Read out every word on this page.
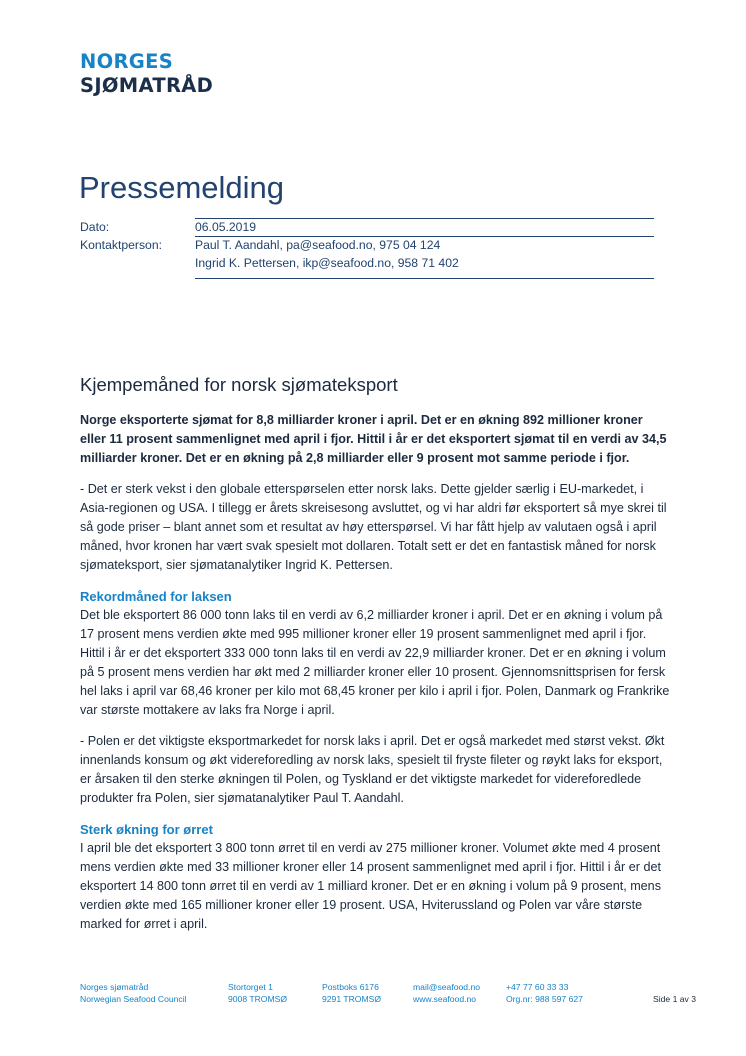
NORGES
SJØMATRÅD
Pressemelding
Dato:	06.05.2019
Kontaktperson:	Paul T. Aandahl, pa@seafood.no, 975 04 124
Ingrid K. Pettersen, ikp@seafood.no, 958 71 402
Kjempemåned for norsk sjømateksport

Norge eksporterte sjømat for 8,8 milliarder kroner i april. Det er en økning 892 millioner kroner eller 11 prosent sammenlignet med april i fjor. Hittil i år er det eksportert sjømat til en verdi av 34,5 milliarder kroner. Det er en økning på 2,8 milliarder eller 9 prosent mot samme periode i fjor.

- Det er sterk vekst i den globale etterspørselen etter norsk laks. Dette gjelder særlig i EU-markedet, i Asia-regionen og USA. I tillegg er årets skreisesong avsluttet, og vi har aldri før eksportert så mye skrei til så gode priser – blant annet som et resultat av høy etterspørsel. Vi har fått hjelp av valutaen også i april måned, hvor kronen har vært svak spesielt mot dollaren. Totalt sett er det en fantastisk måned for norsk sjømateksport, sier sjømatanalytiker Ingrid K. Pettersen.

Rekordmåned for laksen

Det ble eksportert 86 000 tonn laks til en verdi av 6,2 milliarder kroner i april. Det er en økning i volum på 17 prosent mens verdien økte med 995 millioner kroner eller 19 prosent sammenlignet med april i fjor. Hittil i år er det eksportert 333 000 tonn laks til en verdi av 22,9 milliarder kroner. Det er en økning i volum på 5 prosent mens verdien har økt med 2 milliarder kroner eller 10 prosent. Gjennomsnittsprisen for fersk hel laks i april var 68,46 kroner per kilo mot 68,45 kroner per kilo i april i fjor. Polen, Danmark og Frankrike var største mottakere av laks fra Norge i april.

- Polen er det viktigste eksportmarkedet for norsk laks i april. Det er også markedet med størst vekst. Økt innenlands konsum og økt videreforedling av norsk laks, spesielt til fryste fileter og røykt laks for eksport, er årsaken til den sterke økningen til Polen, og Tyskland er det viktigste markedet for videreforedlede produkter fra Polen, sier sjømatanalytiker Paul T. Aandahl.

Sterk økning for ørret

I april ble det eksportert 3 800 tonn ørret til en verdi av 275 millioner kroner. Volumet økte med 4 prosent mens verdien økte med 33 millioner kroner eller 14 prosent sammenlignet med april i fjor. Hittil i år er det eksportert 14 800 tonn ørret til en verdi av 1 milliard kroner. Det er en økning i volum på 9 prosent, mens verdien økte med 165 millioner kroner eller 19 prosent. USA, Hviterussland og Polen var våre største marked for ørret i april.

Norges sjømatråd
Norwegian Seafood Council
Stortorget 1
9008 TROMSØ
Postboks 6176
9291 TROMSØ
mail@seafood.no
www.seafood.no
+47 77 60 33 33
Org.nr: 988 597 627	Side 1 av 3
